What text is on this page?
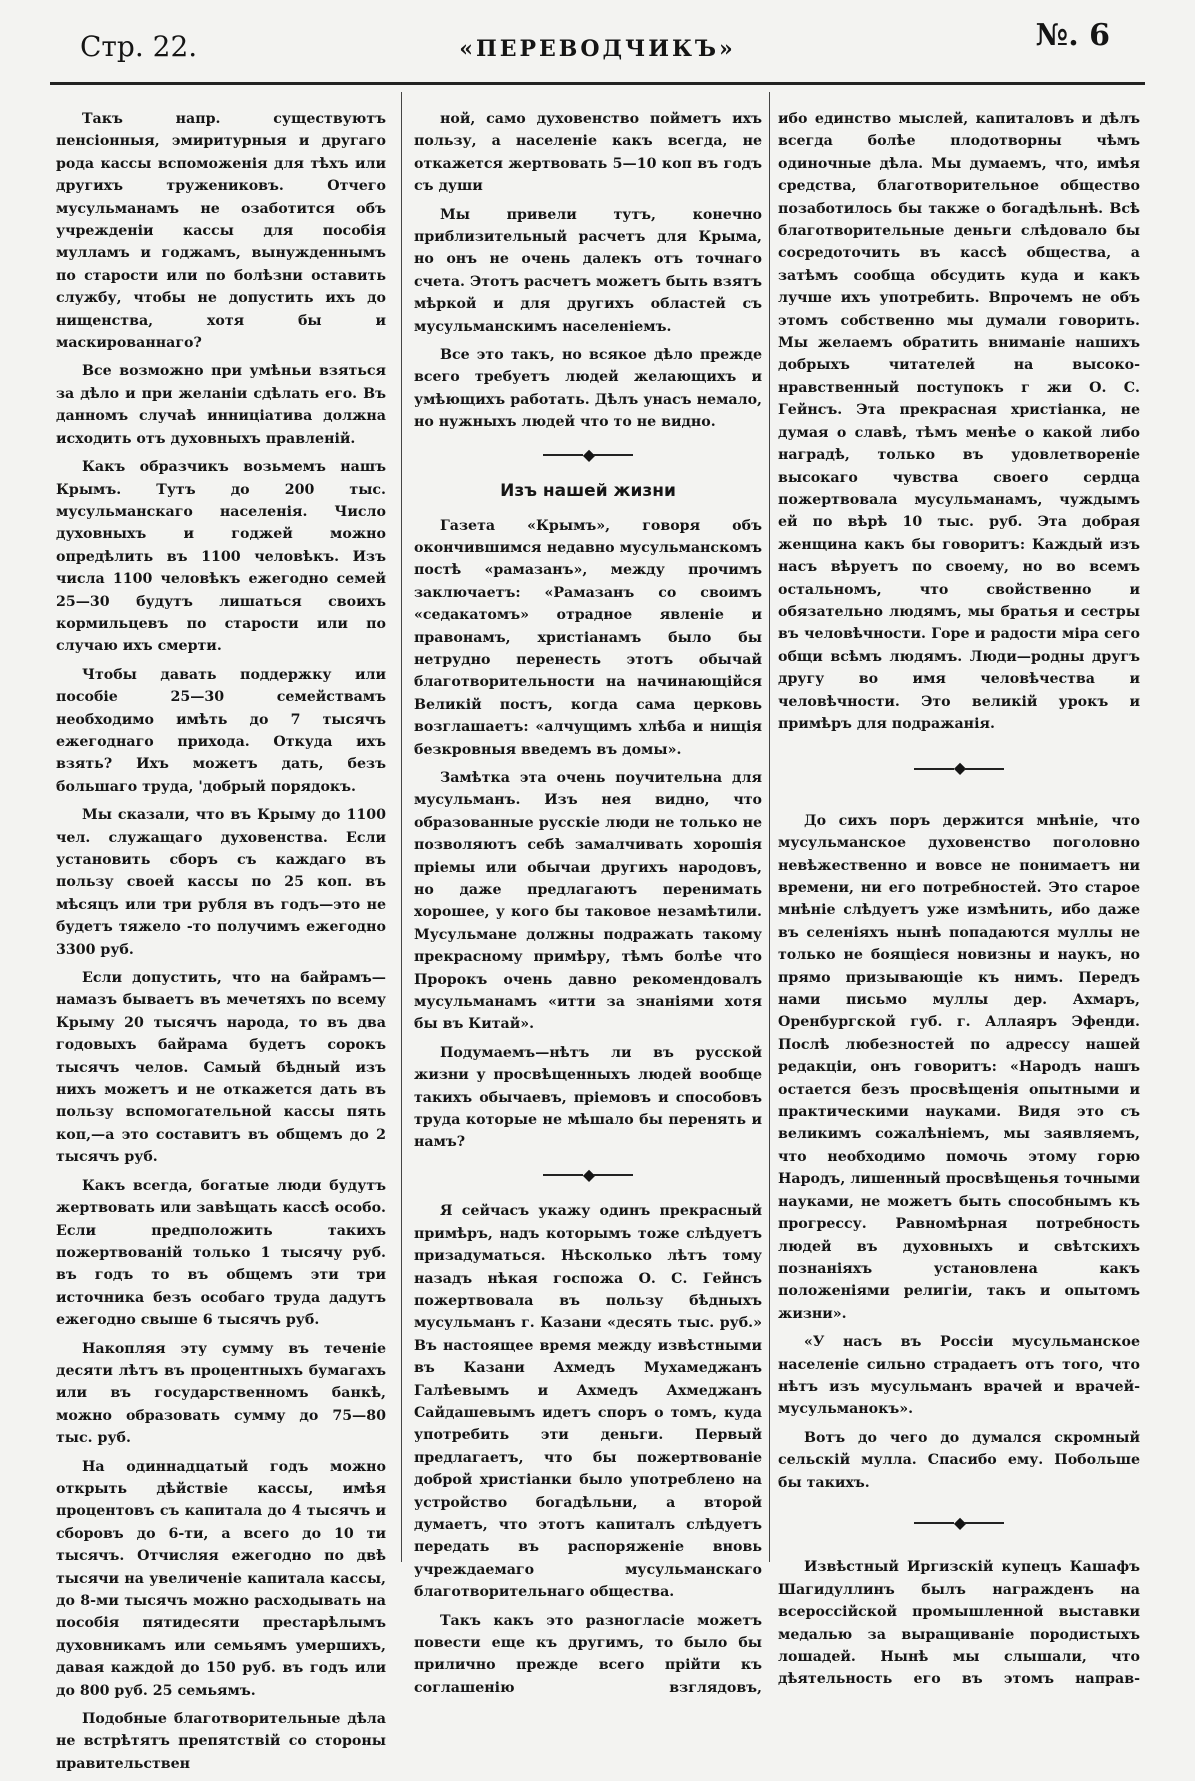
Стр. 22.	«ПЕРЕВОДЧИКЪ»	№. 6

Такъ напр. существуютъ пенсіонныя, эмиритурныя и другаго рода кассы вспоможенія для тѣхъ или другихъ тружениковъ. Отчего мусульманамъ не озаботится объ учрежденіи кассы для пособія мулламъ и годжамъ, вынужденнымъ по старости или по болѣзни оставить службу, чтобы не допустить ихъ до нищенства, хотя бы и маскированнаго?

Все возможно при умѣньи взяться за дѣло и при желаніи сдѣлать его. Въ данномъ случаѣ инниціатива должна исходить отъ духовныхъ правленій.

Какъ образчикъ возьмемъ нашъ Крымъ. Тутъ до 200 тыс. мусульманскаго населенія. Число духовныхъ и годжей можно опредѣлить въ 1100 человѣкъ. Изъ числа 1100 человѣкъ ежегодно семей 25—30 будутъ лишаться своихъ кормильцевъ по старости или по случаю ихъ смерти.

Чтобы давать поддержку или пособіе 25—30 семействамъ необходимо имѣть до 7 тысячъ ежегоднаго прихода. Откуда ихъ взять? Ихъ можетъ дать, безъ большаго труда, 'добрый порядокъ.

Мы сказали, что въ Крыму до 1100 чел. служащаго духовенства. Если установить сборъ съ каждаго въ пользу своей кассы по 25 коп. въ мѣсяцъ или три рубля въ годъ—это не будетъ тяжело -то получимъ ежегодно 3300 руб.

Если допустить, что на байрамъ—намазъ бываетъ въ мечетяхъ по всему Крыму 20 тысячъ народа, то въ два годовыхъ байрама будетъ сорокъ тысячъ челов. Самый бѣдный изъ нихъ можетъ и не откажется дать въ пользу вспомогательной кассы пять коп,—а это составитъ въ общемъ до 2 тысячъ руб.

Какъ всегда, богатые люди будутъ жертвовать или завѣщать кассѣ особо. Если предположить такихъ пожертвованій только 1 тысячу руб. въ годъ то въ общемъ эти три источника безъ особаго труда дадутъ ежегодно свыше 6 тысячъ руб.

Накопляя эту сумму въ теченіе десяти лѣтъ въ процентныхъ бумагахъ или въ государственномъ банкѣ, можно образовать сумму до 75—80 тыс. руб.

На одиннадцатый годъ можно открыть дѣйствіе кассы, имѣя процентовъ съ капитала до 4 тысячъ и сборовъ до 6-ти, а всего до 10 ти тысячъ. Отчисляя ежегодно по двѣ тысячи на увеличеніе капитала кассы, до 8-ми тысячъ можно расходывать на пособія пятидесяти престарѣлымъ духовникамъ или семьямъ умершихъ, давая каждой до 150 руб. въ годъ или до 800 руб. 25 семьямъ.

Подобные благотворительные дѣла не встрѣтятъ препятствій со стороны правительствен

ной, само духовенство пойметъ ихъ пользу, а населеніе какъ всегда, не откажется жертвовать 5—10 коп въ годъ съ души

Мы привели тутъ, конечно приблизительный расчетъ для Крыма, но онъ не очень далекъ отъ точнаго счета. Этотъ расчетъ можетъ быть взятъ мѣркой и для другихъ областей съ мусульманскимъ населеніемъ.

Все это такъ, но всякое дѣло прежде всего требуетъ людей желающихъ и умѣющихъ работать. Дѣлъ унасъ немало, но нужныхъ людей что то не видно.

◆
Изъ нашей жизни

Газета «Крымъ», говоря объ окончившимся недавно мусульманскомъ постѣ «рамазанъ», между прочимъ заключаетъ: «Рамазанъ со своимъ «седакатомъ» отрадное явленіе и правонамъ, христіанамъ было бы нетрудно перенесть этотъ обычай благотворительности на начинающійся Великій постъ, когда сама церковь возглашаетъ: «алчущимъ хлѣба и нищія безкровныя введемъ въ домы».

Замѣтка эта очень поучительна для мусульманъ. Изъ нея видно, что образованные русскіе люди не только не позволяютъ себѣ замалчивать хорошія пріемы или обычаи другихъ народовъ, но даже предлагаютъ перенимать хорошее, у кого бы таковое незамѣтили. Мусульмане должны подражать такому прекрасному примѣру, тѣмъ болѣе что Пророкъ очень давно рекомендовалъ мусульманамъ «итти за знаніями хотя бы въ Китай».

Подумаемъ—нѣтъ ли въ русской жизни у просвѣщенныхъ людей вообще такихъ обычаевъ, пріемовъ и способовъ труда которые не мѣшало бы перенять и намъ?

◆

Я сейчасъ укажу одинъ прекрасный примѣръ, надъ которымъ тоже слѣдуетъ призадуматься. Нѣсколько лѣтъ тому назадъ нѣкая госпожа О. С. Гейнсъ пожертвовала въ пользу бѣдныхъ мусульманъ г. Казани «десять тыс. руб.» Въ настоящее время между извѣстными въ Казани Ахмедъ Мухамеджанъ Галѣевымъ и Ахмедъ Ахмеджанъ Сайдашевымъ идетъ споръ о томъ, куда употребить эти деньги. Первый предлагаетъ, что бы пожертвованіе доброй христіанки было употреблено на устройство богадѣльни, а второй думаетъ, что этотъ капиталъ слѣдуетъ передать въ распоряженіе вновь учреждаемаго мусульманскаго благотворительнаго общества.

Такъ какъ это разногласіе можетъ повести еще къ другимъ, то было бы прилично прежде всего прійти къ соглашенію взглядовъ,

ибо единство мыслей, капиталовъ и дѣлъ всегда болѣе плодотворны чѣмъ одиночные дѣла. Мы думаемъ, что, имѣя средства, благотворительное общество позаботилось бы также о богадѣльнѣ. Всѣ благотворительные деньги слѣдовало бы сосредоточить въ кассѣ общества, а затѣмъ сообща обсудить куда и какъ лучше ихъ употребить. Впрочемъ не объ этомъ собственно мы думали говорить. Мы желаемъ обратить вниманіе нашихъ добрыхъ читателей на высоко-нравственный поступокъ г жи О. С. Гейнсъ. Эта прекрасная христіанка, не думая о славѣ, тѣмъ менѣе о какой либо наградѣ, только въ удовлетвореніе высокаго чувства своего сердца пожертвовала мусульманамъ, чуждымъ ей по вѣрѣ 10 тыс. руб. Эта добрая женщина какъ бы говоритъ: Каждый изъ насъ вѣруетъ по своему, но во всемъ остальномъ, что свойственно и обязательно людямъ, мы братья и сестры въ человѣчности. Горе и радости міра сего общи всѣмъ людямъ. Люди—родны другъ другу во имя человѣчества и человѣчности. Это великій урокъ и примѣръ для подражанія.

◆

До сихъ поръ держится мнѣніе, что мусульманское духовенство поголовно невѣжественно и вовсе не понимаетъ ни времени, ни его потребностей. Это старое мнѣніе слѣдуетъ уже измѣнить, ибо даже въ селеніяхъ нынѣ попадаются муллы не только не боящіеся новизны и наукъ, но прямо призывающіе къ нимъ. Передъ нами письмо муллы дер. Ахмаръ, Оренбургской губ. г. Аллаяръ Эфенди. Послѣ любезностей по адрессу нашей редакціи, онъ говоритъ: «Народъ нашъ остается безъ просвѣщенія опытными и практическими науками. Видя это съ великимъ сожалѣніемъ, мы заявляемъ, что необходимо помочь этому горю Народъ, лишенный просвѣщенья точными науками, не можетъ быть способнымъ къ прогрессу. Равномѣрная потребность людей въ духовныхъ и свѣтскихъ познаніяхъ установлена какъ положеніями религіи, такъ и опытомъ жизни».

«У насъ въ Россіи мусульманское населеніе сильно страдаетъ отъ того, что нѣтъ изъ мусульманъ врачей и врачей-мусульманокъ».

Вотъ до чего до думался скромный сельскій мулла. Спасибо ему. Побольше бы такихъ.

◆

Извѣстный Иргизскій купецъ Кашафъ Шагидуллинъ былъ награжденъ на всероссійской промышленной выставки медалью за выращиваніе породистыхъ лошадей. Нынѣ мы слышали, что дѣятельность его въ этомъ направ-
